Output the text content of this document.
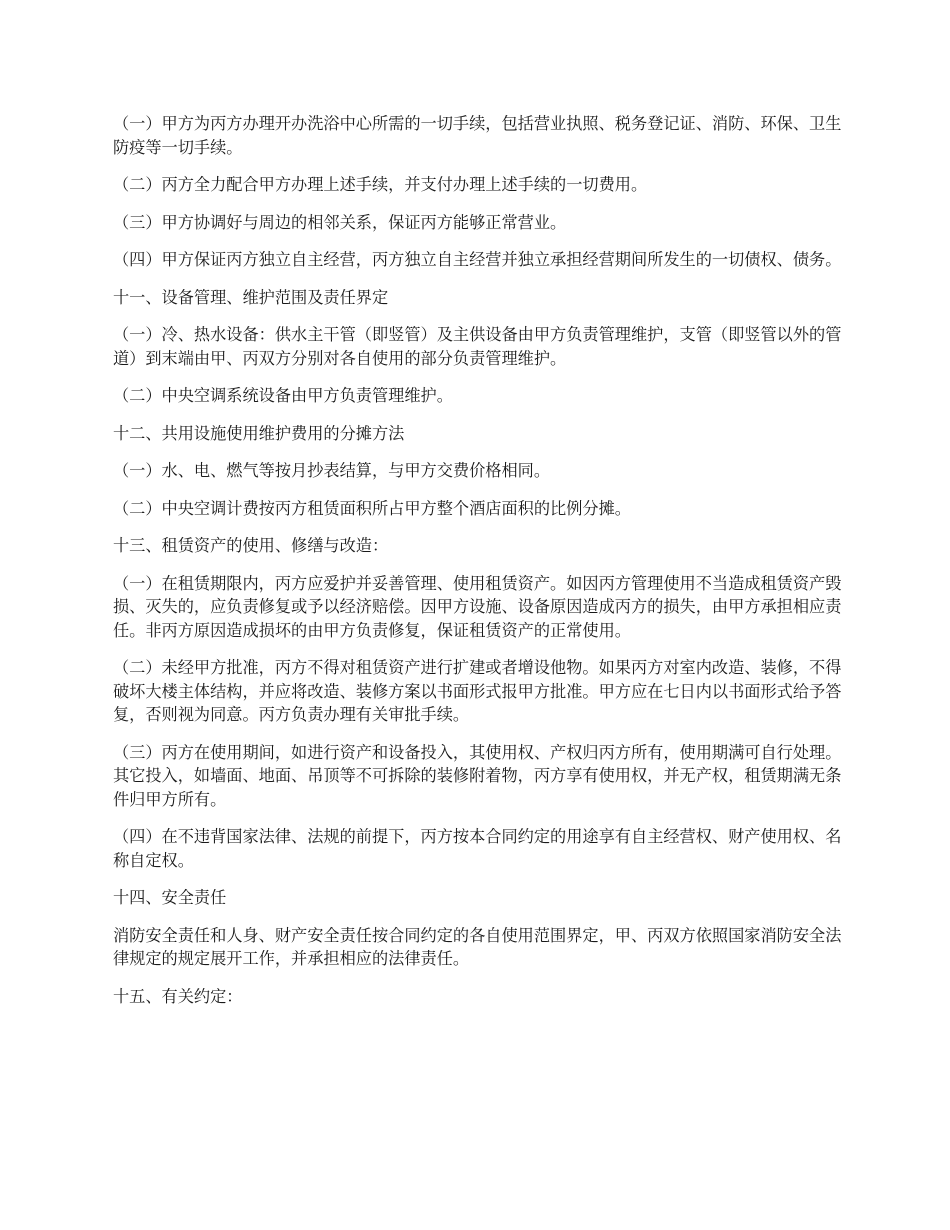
（一）甲方为丙方办理开办洗浴中心所需的一切手续，包括营业执照、税务登记证、消防、环保、卫生防疫等一切手续。

（二）丙方全力配合甲方办理上述手续，并支付办理上述手续的一切费用。

（三）甲方协调好与周边的相邻关系，保证丙方能够正常营业。

（四）甲方保证丙方独立自主经营，丙方独立自主经营并独立承担经营期间所发生的一切债权、债务。

十一、设备管理、维护范围及责任界定

（一）冷、热水设备：供水主干管（即竖管）及主供设备由甲方负责管理维护，支管（即竖管以外的管道）到末端由甲、丙双方分别对各自使用的部分负责管理维护。

（二）中央空调系统设备由甲方负责管理维护。

十二、共用设施使用维护费用的分摊方法

（一）水、电、燃气等按月抄表结算，与甲方交费价格相同。

（二）中央空调计费按丙方租赁面积所占甲方整个酒店面积的比例分摊。

十三、租赁资产的使用、修缮与改造：

（一）在租赁期限内，丙方应爱护并妥善管理、使用租赁资产。如因丙方管理使用不当造成租赁资产毁损、灭失的，应负责修复或予以经济赔偿。因甲方设施、设备原因造成丙方的损失，由甲方承担相应责任。非丙方原因造成损坏的由甲方负责修复，保证租赁资产的正常使用。

（二）未经甲方批准，丙方不得对租赁资产进行扩建或者增设他物。如果丙方对室内改造、装修，不得破坏大楼主体结构，并应将改造、装修方案以书面形式报甲方批准。甲方应在七日内以书面形式给予答复，否则视为同意。丙方负责办理有关审批手续。

（三）丙方在使用期间，如进行资产和设备投入，其使用权、产权归丙方所有，使用期满可自行处理。其它投入，如墙面、地面、吊顶等不可拆除的装修附着物，丙方享有使用权，并无产权，租赁期满无条件归甲方所有。

（四）在不违背国家法律、法规的前提下，丙方按本合同约定的用途享有自主经营权、财产使用权、名称自定权。

十四、安全责任

消防安全责任和人身、财产安全责任按合同约定的各自使用范围界定，甲、丙双方依照国家消防安全法律规定的规定展开工作，并承担相应的法律责任。

十五、有关约定：
